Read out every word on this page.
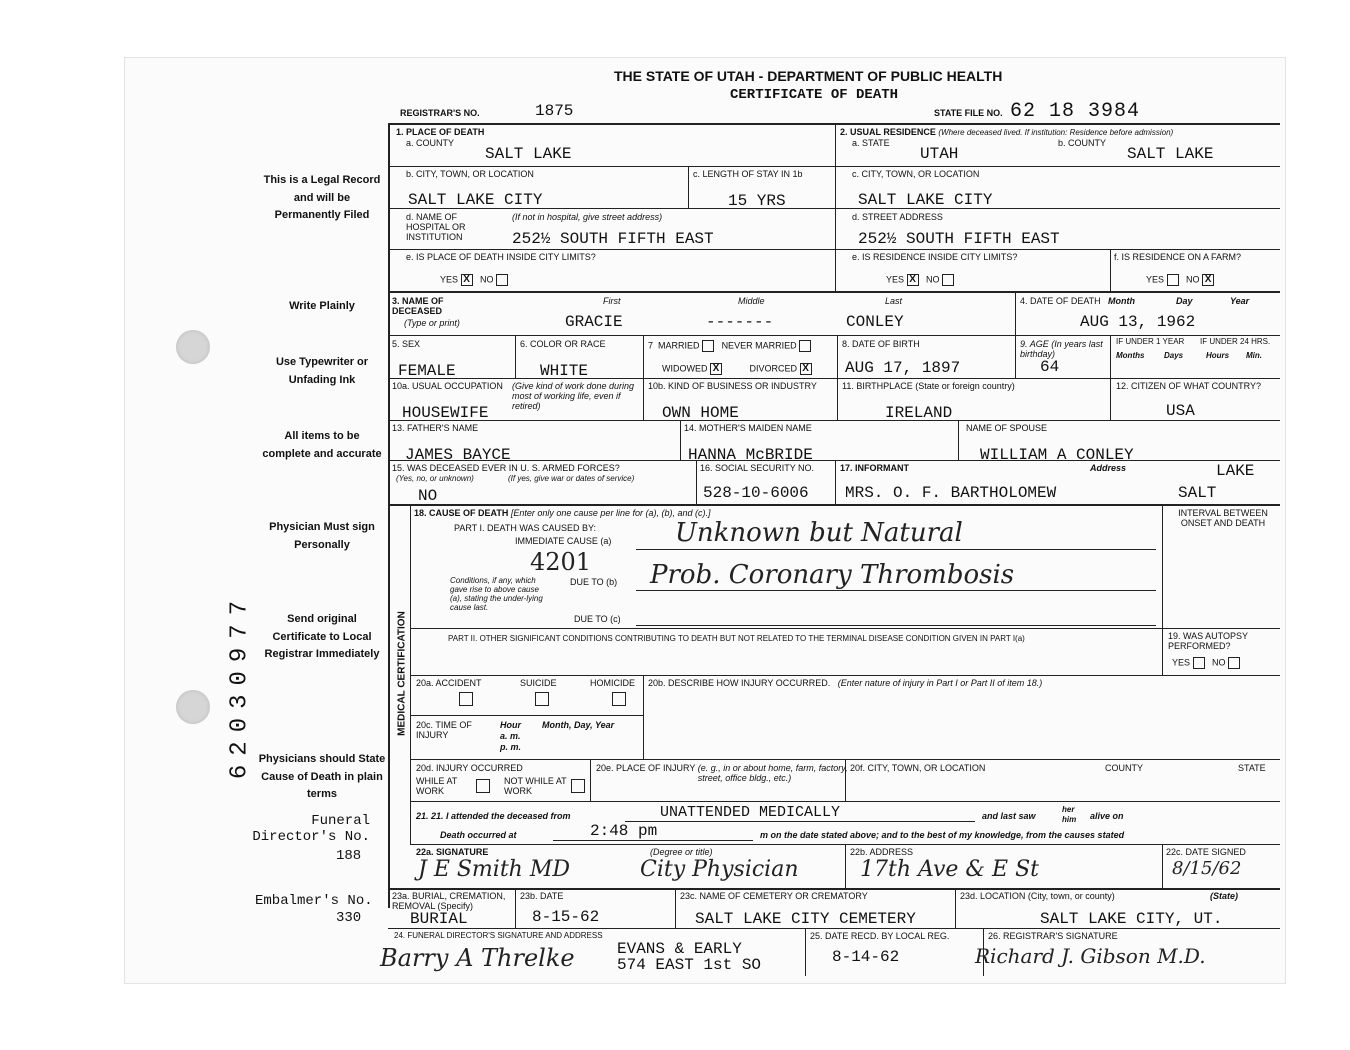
THE STATE OF UTAH - DEPARTMENT OF PUBLIC HEALTH
CERTIFICATE OF DEATH
REGISTRAR'S NO.	1875	STATE FILE NO. 62 18 3984
This is a Legal Record and will be Permanently Filed
Write Plainly
Use Typewriter or Unfading Ink
All items to be complete and accurate
Physician Must sign Personally
Send original Certificate to Local Registrar Immediately
Physicians should State Cause of Death in plain terms
Funeral Director's No.
188
Embalmer's No.
330
62030977
1. PLACE OF DEATH
a. COUNTY
SALT LAKE
b. CITY, TOWN, OR LOCATION
SALT LAKE CITY
c. LENGTH OF STAY IN 1b
15 YRS
d. NAME OF HOSPITAL OR INSTITUTION
(If not in hospital, give street address)
252½ SOUTH FIFTH EAST
e. IS PLACE OF DEATH INSIDE CITY LIMITS?
YES X NO
2. USUAL RESIDENCE (Where deceased lived. If institution: Residence before admission)
a. STATE
UTAH
b. COUNTY
SALT LAKE
c. CITY, TOWN, OR LOCATION
SALT LAKE CITY
d. STREET ADDRESS
252½ SOUTH FIFTH EAST
e. IS RESIDENCE INSIDE CITY LIMITS?
YES X NO
f. IS RESIDENCE ON A FARM?
YES NO X
3. NAME OF DECEASED
(Type or print)
First	Middle	Last
GRACIE	-------	CONLEY
4. DATE OF DEATH Month	Day	Year
AUG 13, 1962
5. SEX
FEMALE
6. COLOR OR RACE
WHITE
7  MARRIED NEVER MARRIED
WIDOWED X	DIVORCED X
8. DATE OF BIRTH
AUG 17, 1897
9. AGE (In years last birthday)
64
IF UNDER 1 YEAR IF UNDER 24 HRS.
Months Days	Hours Min.
10a. USUAL OCCUPATION (Give kind of work done during most of working life, even if retired)
HOUSEWIFE
10b. KIND OF BUSINESS OR INDUSTRY
OWN HOME
11. BIRTHPLACE (State or foreign country)
IRELAND
12. CITIZEN OF WHAT COUNTRY?
USA
13. FATHER'S NAME
JAMES BAYCE
14. MOTHER'S MAIDEN NAME
HANNA McBRIDE
NAME OF SPOUSE
WILLIAM A CONLEY
15. WAS DECEASED EVER IN U. S. ARMED FORCES?
(Yes, no, or unknown)	(If yes, give war or dates of service)
NO
16. SOCIAL SECURITY NO.
528-10-6006
17. INFORMANT	Address
MRS. O. F. BARTHOLOMEW
LAKE
SALT
MEDICAL CERTIFICATION
18. CAUSE OF DEATH [Enter only one cause per line for (a), (b), and (c).]
PART I. DEATH WAS CAUSED BY:
IMMEDIATE CAUSE (a) Unknown but Natural
4201
Conditions, if any, which gave rise to above cause (a), stating the under-lying cause last.
DUE TO (b) Prob. Coronary Thrombosis
DUE TO (c)
INTERVAL BETWEEN ONSET AND DEATH
PART II. OTHER SIGNIFICANT CONDITIONS CONTRIBUTING TO DEATH BUT NOT RELATED TO THE TERMINAL DISEASE CONDITION GIVEN IN PART I(a)	19. WAS AUTOPSY PERFORMED?
YES NO
20a. ACCIDENT	SUICIDE	HOMICIDE 20b. DESCRIBE HOW INJURY OCCURRED. (Enter nature of injury in Part I or Part II of item 18.)
20c. TIME OF INJURY
Hour Month, Day, Year
a. m.
p. m.
20d. INJURY OCCURRED
WHILE AT WORK
NOT WHILE AT WORK
20e. PLACE OF INJURY (e. g., in or about home, farm, factory, street, office bldg., etc.)
20f. CITY, TOWN, OR LOCATION	COUNTY	STATE
21. 21. I attended the deceased from	UNATTENDED MEDICALLY	and last saw
her
him alive on
Death occurred at	2:48 pm	m on the date stated above; and to the best of my knowledge, from the causes stated
22a. SIGNATURE	(Degree or title)
J E Smith MD	City Physician
22b. ADDRESS
17th Ave & E St
22c. DATE SIGNED
8/15/62
23a. BURIAL, CREMATION, REMOVAL (Specify)
BURIAL
23b. DATE
8-15-62
23c. NAME OF CEMETERY OR CREMATORY
SALT LAKE CITY CEMETERY
23d. LOCATION (City, town, or county)	(State)
SALT LAKE CITY, UT.
24. FUNERAL DIRECTOR'S SIGNATURE AND ADDRESS
Barry A Threlke	EVANS & EARLY
574 EAST 1st SO
25. DATE RECD. BY LOCAL REG.
8-14-62
26. REGISTRAR'S SIGNATURE
Richard J. Gibson M.D.
